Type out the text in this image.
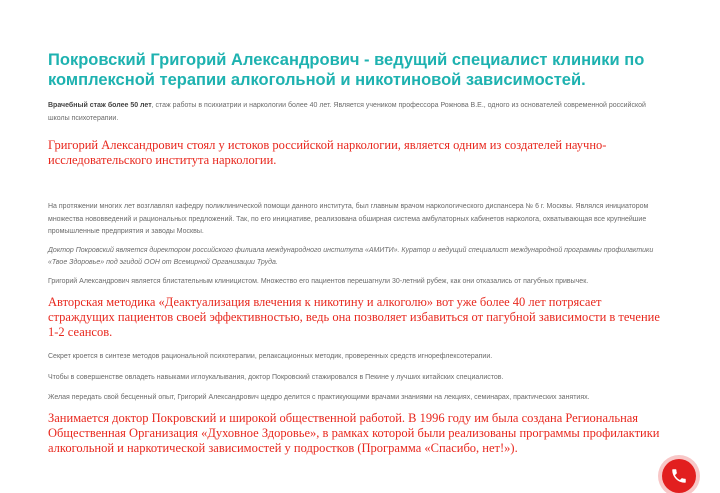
Покровский Григорий Александрович - ведущий специалист клиники по комплексной терапии алкогольной и никотиновой зависимостей.

Врачебный стаж более 50 лет, стаж работы в психиатрии и наркологии более 40 лет. Является учеником профессора Рожнова В.Е., одного из основателей современной российской школы психотерапии.

Григорий Александрович стоял у истоков российской наркологии, является одним из создателей научно-исследовательского института наркологии.

На протяжении многих лет возглавлял кафедру поликлинической помощи данного института, был главным врачом наркологического диспансера № 6 г. Москвы. Являлся инициатором множества нововведений и рациональных предложений. Так, по его инициативе, реализована обширная система амбулаторных кабинетов нарколога, охватывающая все крупнейшие промышленные предприятия и заводы Москвы.

Доктор Покровский является директором российского филиала международного института «АМИТИ». Куратор и ведущий специалист международной программы профилактики «Твое Здоровье» под эгидой ООН от Всемирной Организации Труда.

Григорий Александрович является блистательным клиницистом. Множество его пациентов перешагнули 30-летний рубеж, как они отказались от пагубных привычек.

Авторская методика «Деактуализация влечения к никотину и алкоголю» вот уже более 40 лет потрясает страждущих пациентов своей эффективностью, ведь она позволяет избавиться от пагубной зависимости в течение 1-2 сеансов.

Секрет кроется в синтезе методов рациональной психотерапии, релаксационных методик, проверенных средств игнорефлексотерапии.

Чтобы в совершенстве овладеть навыками иглоукалывания, доктор Покровский стажировался в Пекине у лучших китайских специалистов.

Желая передать свой бесценный опыт, Григорий Александрович щедро делится с практикующими врачами знаниями на лекциях, семинарах, практических занятиях.

Занимается доктор Покровский и широкой общественной работой. В 1996 году им была создана Региональная Общественная Организация «Духовное Здоровье», в рамках которой были реализованы программы профилактики алкогольной и наркотической зависимостей у подростков (Программа «Спасибо, нет!»).
